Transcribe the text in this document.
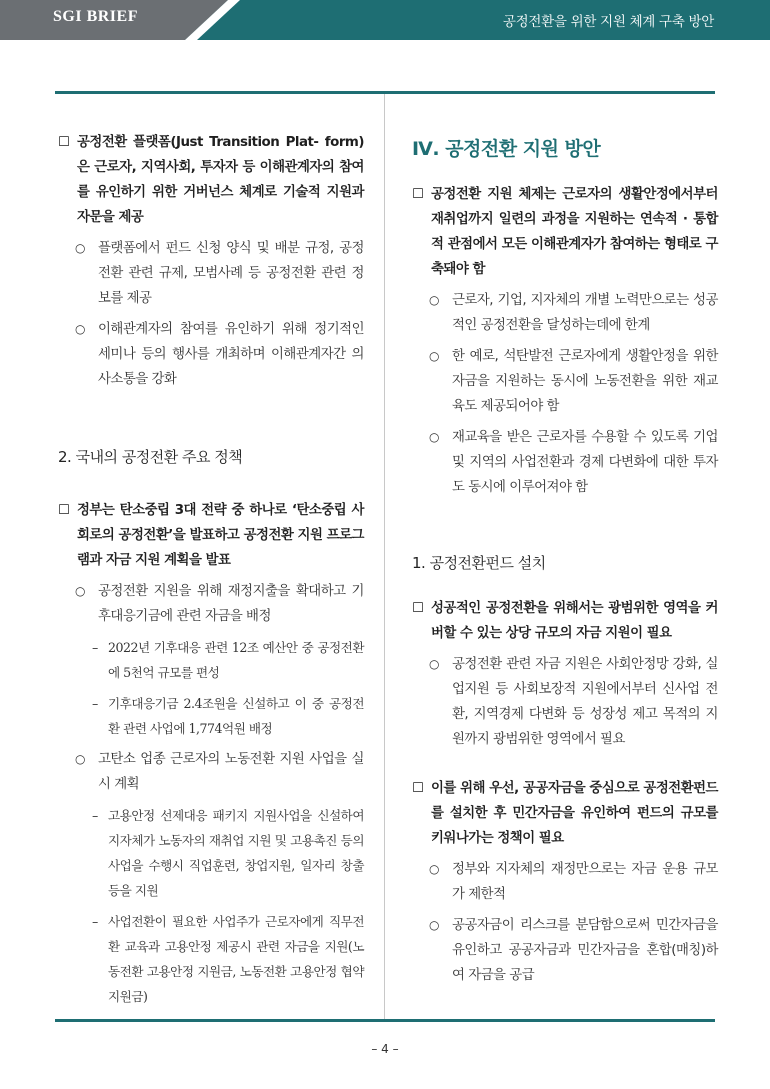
SGI BRIEF	공정전환을 위한 지원 체계 구축 방안
☐ 공정전환 플랫폼(Just Transition Plat- form)은 근로자, 지역사회, 투자자 등 이해관계자의 참여를 유인하기 위한 거버넌스 체계로 기술적 지원과 자문을 제공
○ 플랫폼에서 펀드 신청 양식 및 배분 규정, 공정전환 관련 규제, 모범사례 등 공정전환 관련 정보를 제공
○ 이해관계자의 참여를 유인하기 위해 정기적인 세미나 등의 행사를 개최하며 이해관계자간 의사소통을 강화
2. 국내의 공정전환 주요 정책
☐ 정부는 탄소중립 3대 전략 중 하나로 ‘탄소중립 사회로의 공정전환’을 발표하고 공정전환 지원 프로그램과 자금 지원 계획을 발표
○ 공정전환 지원을 위해 재정지출을 확대하고 기후대응기금에 관련 자금을 배정
– 2022년 기후대응 관련 12조 예산안 중 공정전환에 5천억 규모를 편성
– 기후대응기금 2.4조원을 신설하고 이 중 공정전환 관련 사업에 1,774억원 배정
○ 고탄소 업종 근로자의 노동전환 지원 사업을 실시 계획
– 고용안정 선제대응 패키지 지원사업을 신설하여 지자체가 노동자의 재취업 지원 및 고용촉진 등의 사업을 수행시 직업훈련, 창업지원, 일자리 창출 등을 지원
– 사업전환이 필요한 사업주가 근로자에게 직무전환 교육과 고용안정 제공시 관련 자금을 지원(노동전환 고용안정 지원금, 노동전환 고용안정 협약지원금)
Ⅳ. 공정전환 지원 방안
☐ 공정전환 지원 체제는 근로자의 생활안정에서부터 재취업까지 일련의 과정을 지원하는 연속적 · 통합적 관점에서 모든 이해관계자가 참여하는 형태로 구축돼야 함
○ 근로자, 기업, 지자체의 개별 노력만으로는 성공적인 공정전환을 달성하는데에 한계
○ 한 예로, 석탄발전 근로자에게 생활안정을 위한 자금을 지원하는 동시에 노동전환을 위한 재교육도 제공되어야 함
○ 재교육을 받은 근로자를 수용할 수 있도록 기업 및 지역의 사업전환과 경제 다변화에 대한 투자도 동시에 이루어져야 함
1. 공정전환펀드 설치
☐ 성공적인 공정전환을 위해서는 광범위한 영역을 커버할 수 있는 상당 규모의 자금 지원이 필요
○ 공정전환 관련 자금 지원은 사회안정망 강화, 실업지원 등 사회보장적 지원에서부터 신사업 전환, 지역경제 다변화 등 성장성 제고 목적의 지원까지 광범위한 영역에서 필요
☐ 이를 위해 우선, 공공자금을 중심으로 공정전환펀드를 설치한 후 민간자금을 유인하여 펀드의 규모를 키워나가는 정책이 필요
○ 정부와 지자체의 재정만으로는 자금 운용 규모가 제한적
○ 공공자금이 리스크를 분담함으로써 민간자금을 유인하고 공공자금과 민간자금을 혼합(매칭)하여 자금을 공급
– 4 –
